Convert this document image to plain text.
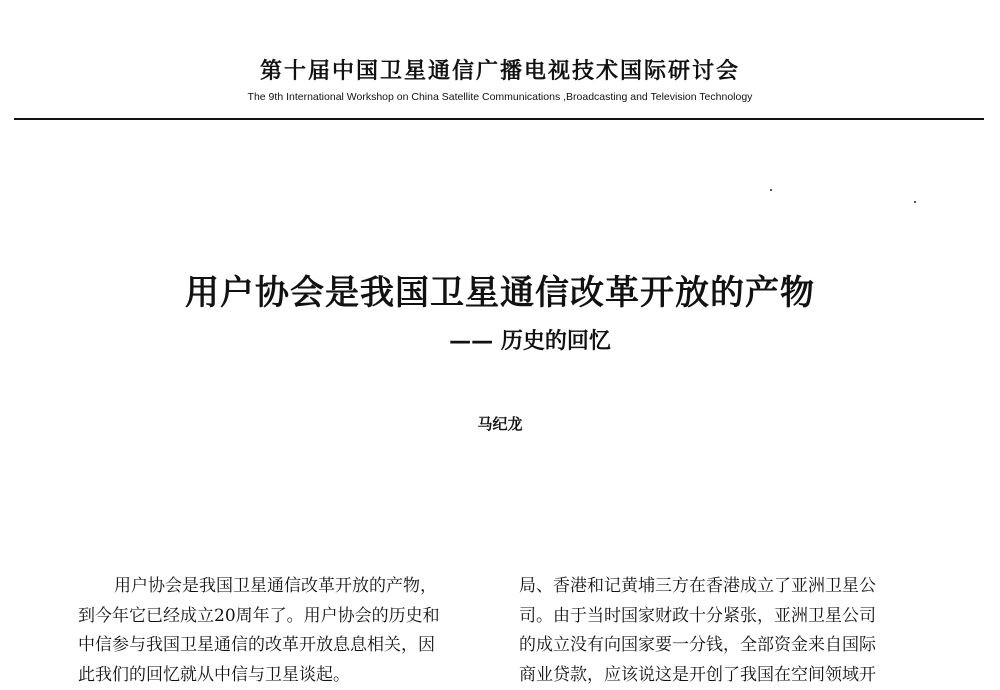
第十届中国卫星通信广播电视技术国际研讨会
The 9th International Workshop on China Satellite Communications ,Broadcasting and Television Technology
用户协会是我国卫星通信改革开放的产物
—— 历史的回忆
马纪龙
用户协会是我国卫星通信改革开放的产物，
到今年它已经成立20周年了。用户协会的历史和
中信参与我国卫星通信的改革开放息息相关，因
此我们的回忆就从中信与卫星谈起。
局、香港和记黄埔三方在香港成立了亚洲卫星公
司。由于当时国家财政十分紧张，亚洲卫星公司
的成立没有向国家要一分钱，全部资金来自国际
商业贷款，应该说这是开创了我国在空间领域开
